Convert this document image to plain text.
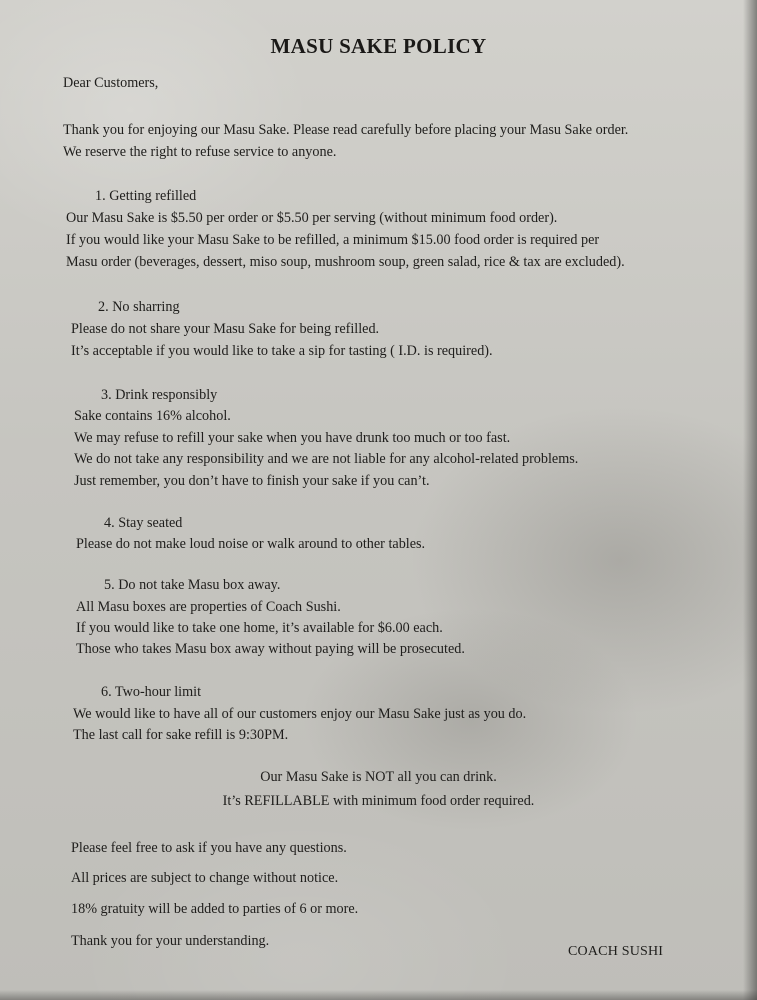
MASU SAKE POLICY
Dear Customers,
Thank you for enjoying our Masu Sake. Please read carefully before placing your Masu Sake order.
We reserve the right to refuse service to anyone.
1. Getting refilled
Our Masu Sake is $5.50 per order or $5.50 per serving (without minimum food order).
If you would like your Masu Sake to be refilled, a minimum $15.00 food order is required per
Masu order (beverages, dessert, miso soup, mushroom soup, green salad, rice & tax are excluded).
2. No sharring
Please do not share your Masu Sake for being refilled.
It’s acceptable if you would like to take a sip for tasting ( I.D. is required).
3. Drink responsibly
Sake contains 16% alcohol.
We may refuse to refill your sake when you have drunk too much or too fast.
We do not take any responsibility and we are not liable for any alcohol-related problems.
Just remember, you don’t have to finish your sake if you can’t.
4. Stay seated
Please do not make loud noise or walk around to other tables.
5. Do not take Masu box away.
All Masu boxes are properties of Coach Sushi.
If you would like to take one home, it’s available for $6.00 each.
Those who takes Masu box away without paying will be prosecuted.
6. Two-hour limit
We would like to have all of our customers enjoy our Masu Sake just as you do.
The last call for sake refill is 9:30PM.
Our Masu Sake is NOT all you can drink.
It’s REFILLABLE with minimum food order required.
Please feel free to ask if you have any questions.
All prices are subject to change without notice.
18% gratuity will be added to parties of 6 or more.
Thank you for your understanding.
COACH SUSHI
